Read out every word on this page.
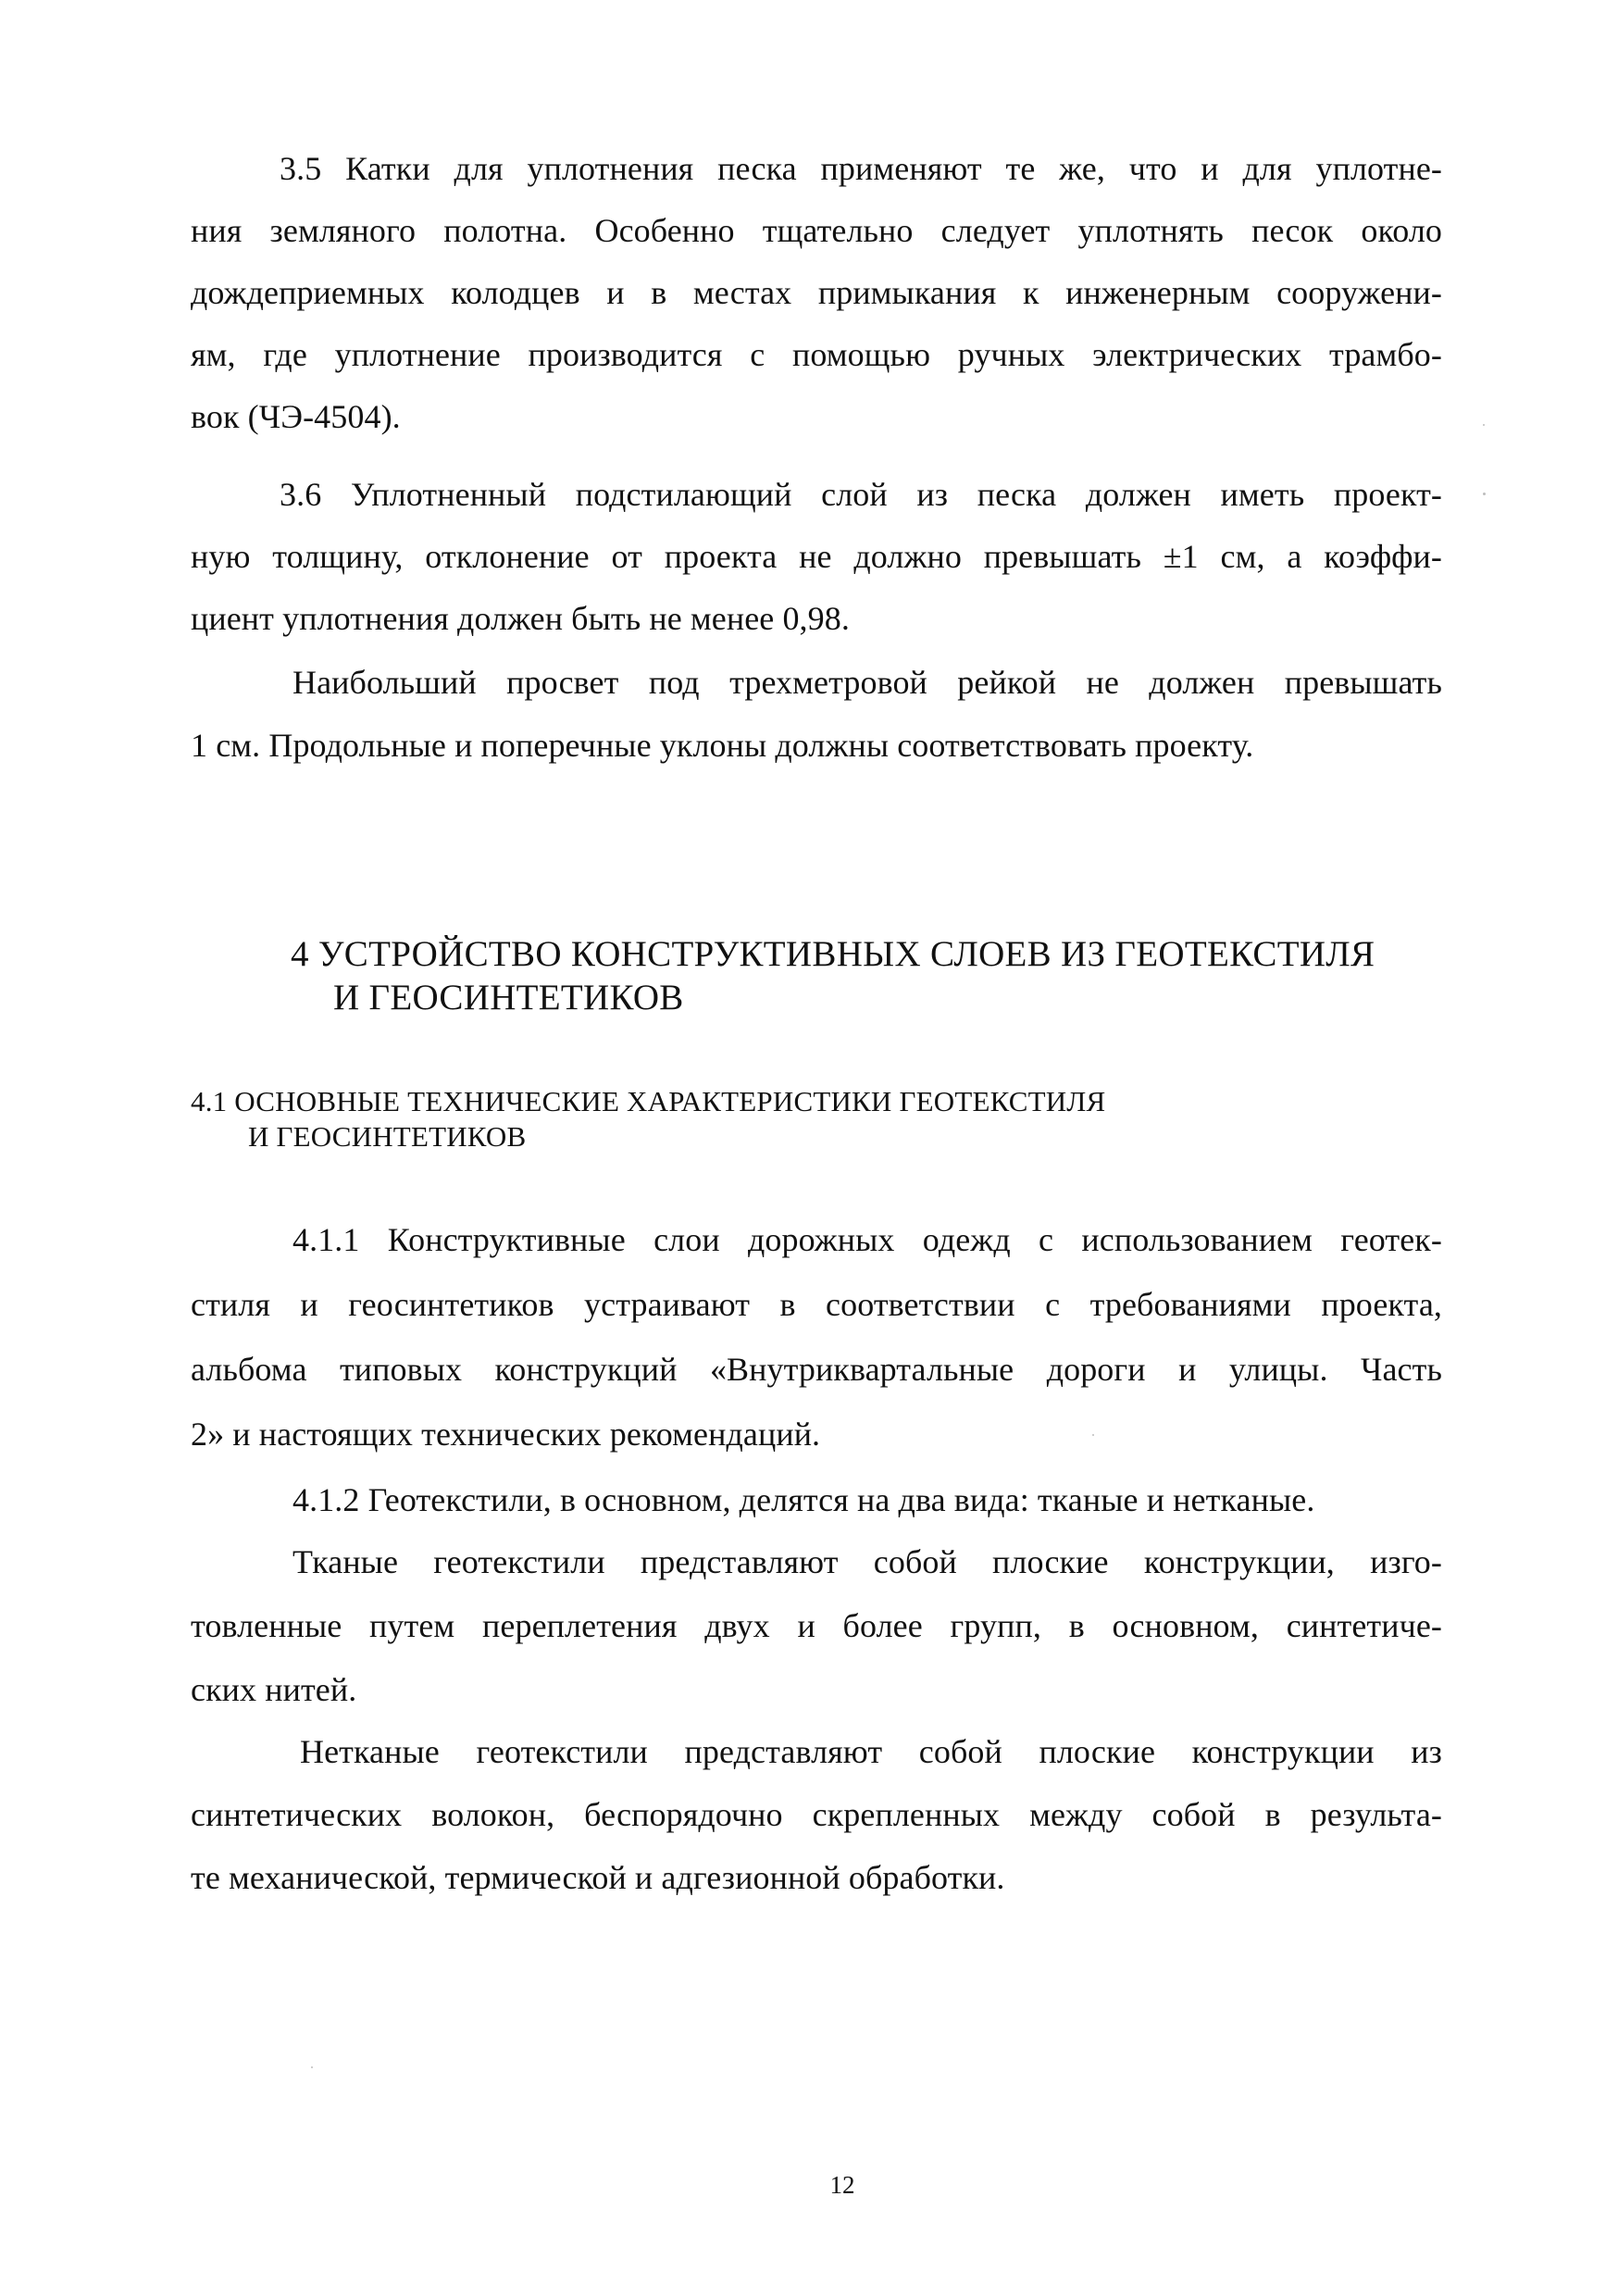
3.5 Катки для уплотнения песка применяют те же, что и для уплотне-
ния земляного полотна. Особенно тщательно следует уплотнять песок около
дождеприемных колодцев и в местах примыкания к инженерным сооружени-
ям, где уплотнение производится с помощью ручных электрических трамбо-
вок (ЧЭ-4504).
3.6 Уплотненный подстилающий слой из песка должен иметь проект-
ную толщину, отклонение от проекта не должно превышать ±1 см, а коэффи-
циент уплотнения должен быть не менее 0,98.
Наибольший просвет под трехметровой рейкой не должен превышать
1 см. Продольные и поперечные уклоны должны соответствовать проекту.
4 УСТРОЙСТВО КОНСТРУКТИВНЫХ СЛОЕВ ИЗ ГЕОТЕКСТИЛЯ
И ГЕОСИНТЕТИКОВ
4.1 ОСНОВНЫЕ ТЕХНИЧЕСКИЕ ХАРАКТЕРИСТИКИ ГЕОТЕКСТИЛЯ
И ГЕОСИНТЕТИКОВ
4.1.1 Конструктивные слои дорожных одежд с использованием геотек-
стиля и геосинтетиков устраивают в соответствии с требованиями проекта,
альбома типовых конструкций «Внутриквартальные дороги и улицы. Часть
2» и настоящих технических рекомендаций.
4.1.2 Геотекстили, в основном, делятся на два вида: тканые и нетканые.
Тканые геотекстили представляют собой плоские конструкции, изго-
товленные путем переплетения двух и более групп, в основном, синтетиче-
ских нитей.
Нетканые геотекстили представляют собой плоские конструкции из
синтетических волокон, беспорядочно скрепленных между собой в результа-
те механической, термической и адгезионной обработки.
12
